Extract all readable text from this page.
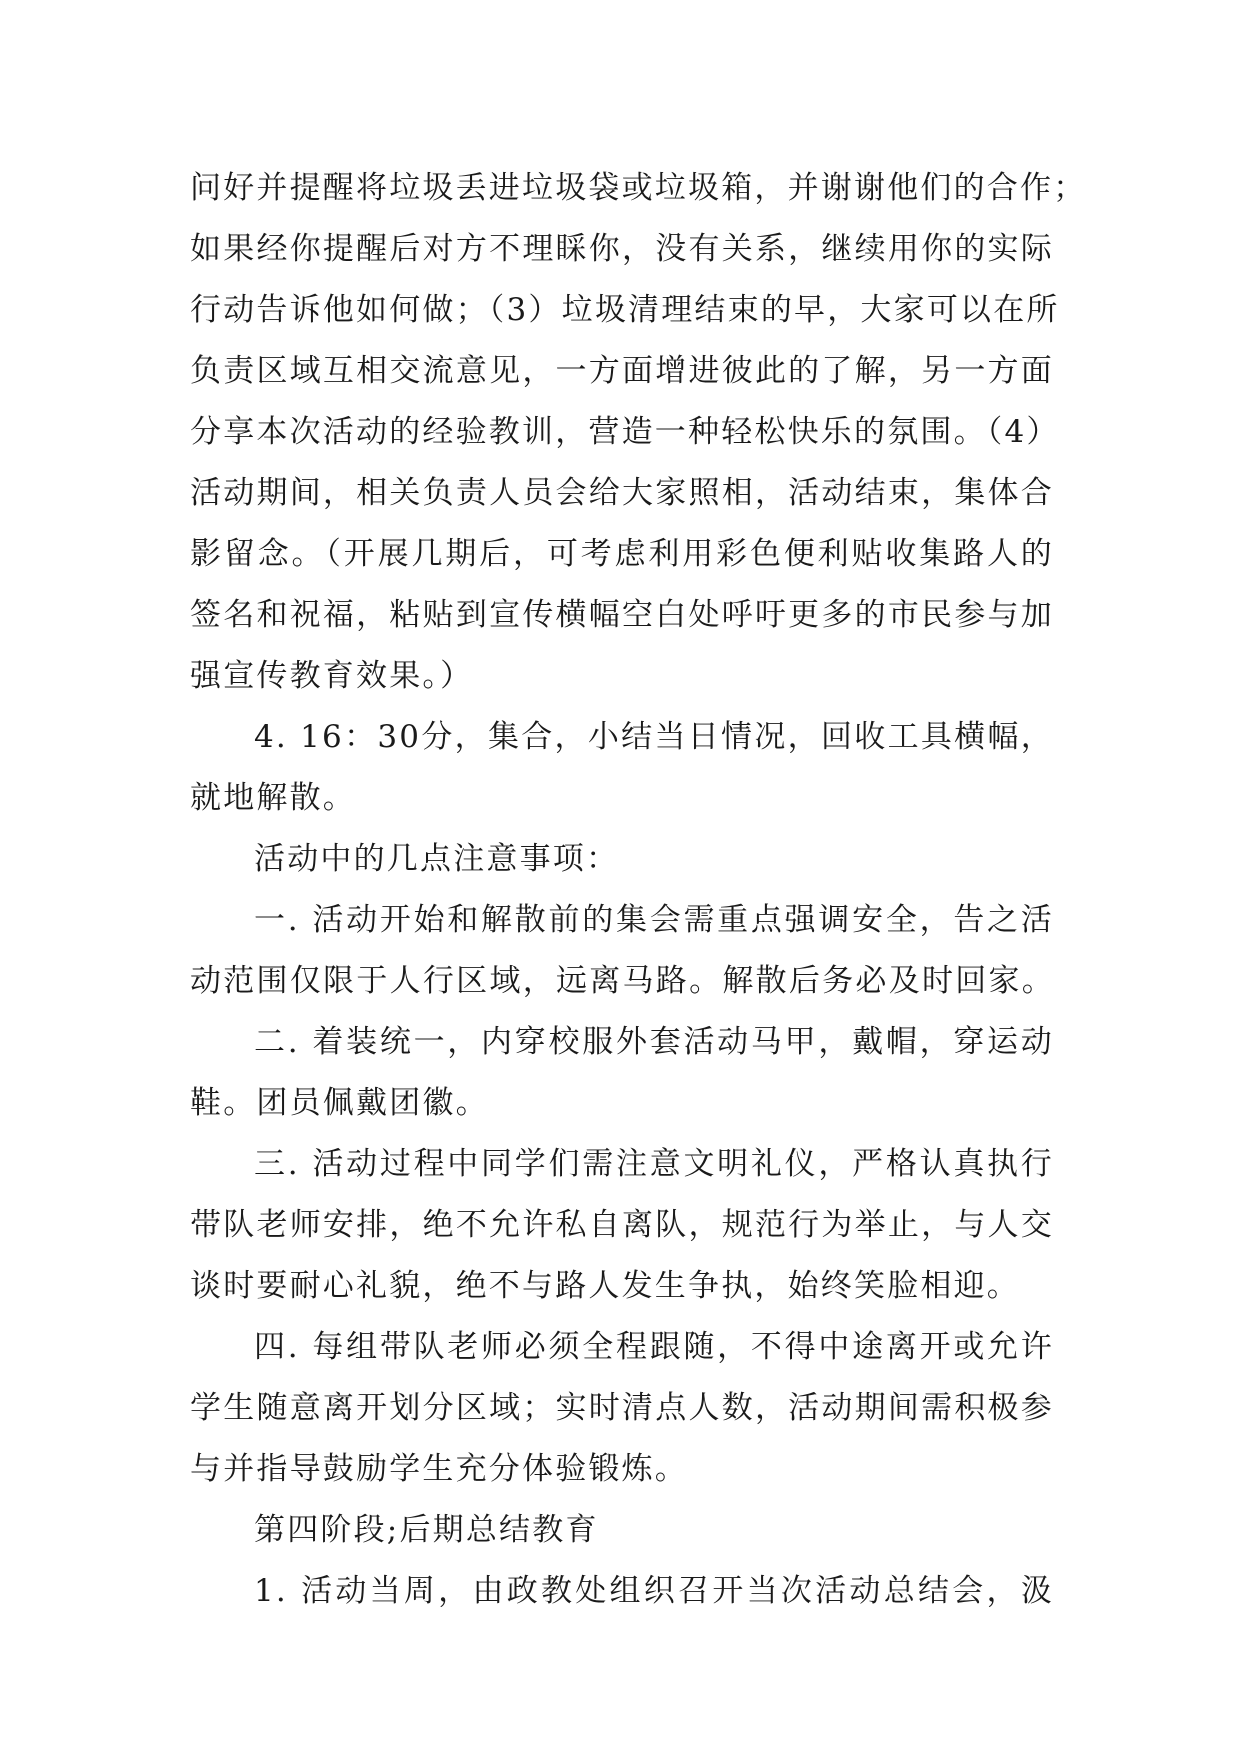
问好并提醒将垃圾丢进垃圾袋或垃圾箱，并谢谢他们的合作；
如果经你提醒后对方不理睬你，没有关系，继续用你的实际
行动告诉他如何做；（3）垃圾清理结束的早，大家可以在所
负责区域互相交流意见，一方面增进彼此的了解，另一方面
分享本次活动的经验教训，营造一种轻松快乐的氛围。（4）
活动期间，相关负责人员会给大家照相，活动结束，集体合
影留念。（开展几期后，可考虑利用彩色便利贴收集路人的
签名和祝福，粘贴到宣传横幅空白处呼吁更多的市民参与加
强宣传教育效果。）
4. 16：30分，集合，小结当日情况，回收工具横幅，
就地解散。
活动中的几点注意事项：
一. 活动开始和解散前的集会需重点强调安全，告之活
动范围仅限于人行区域，远离马路。解散后务必及时回家。
二. 着装统一，内穿校服外套活动马甲，戴帽，穿运动
鞋。团员佩戴团徽。
三. 活动过程中同学们需注意文明礼仪，严格认真执行
带队老师安排，绝不允许私自离队，规范行为举止，与人交
谈时要耐心礼貌，绝不与路人发生争执，始终笑脸相迎。
四. 每组带队老师必须全程跟随，不得中途离开或允许
学生随意离开划分区域；实时清点人数，活动期间需积极参
与并指导鼓励学生充分体验锻炼。
第四阶段;后期总结教育
1. 活动当周，由政教处组织召开当次活动总结会，汲
